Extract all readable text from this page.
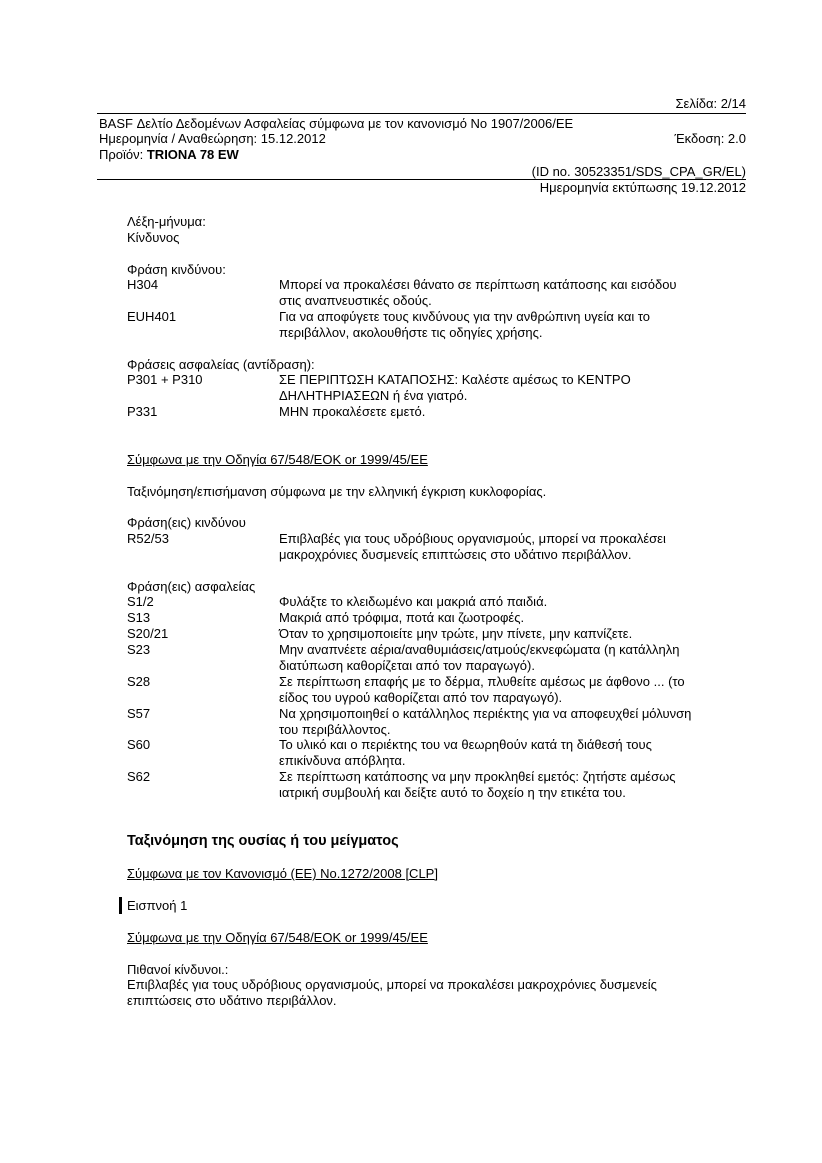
Σελίδα: 2/14
BASF Δελτίο Δεδομένων Ασφαλείας σύμφωνα με τον κανονισμό Νο 1907/2006/ΕΕ
Ημερομηνία / Αναθεώρηση: 15.12.2012	Έκδοση: 2.0
Προϊόν: TRIONA 78 EW
(ID no. 30523351/SDS_CPA_GR/EL)
Ημερομηνία εκτύπωσης 19.12.2012
Λέξη-μήνυμα:
Κίνδυνος
Φράση κινδύνου:
H304	Μπορεί να προκαλέσει θάνατο σε περίπτωση κατάποσης και εισόδου
στις αναπνευστικές οδούς.
EUH401	Για να αποφύγετε τους κινδύνους για την ανθρώπινη υγεία και το
περιβάλλον, ακολουθήστε τις οδηγίες χρήσης.
Φράσεις ασφαλείας (αντίδραση):
P301 + P310	ΣΕ ΠΕΡΙΠΤΩΣΗ ΚΑΤΑΠΟΣΗΣ: Καλέστε αμέσως το ΚΕΝΤΡΟ
ΔΗΛΗΤΗΡΙΑΣΕΩΝ ή ένα γιατρό.
P331	ΜΗΝ προκαλέσετε εμετό.
Σύμφωνα με την Οδηγία 67/548/ΕΟΚ or 1999/45/ΕΕ
Ταξινόμηση/επισήμανση σύμφωνα με την ελληνική έγκριση κυκλοφορίας.
Φράση(εις) κινδύνου
R52/53	Επιβλαβές για τους υδρόβιους οργανισμούς, μπορεί να προκαλέσει
μακροχρόνιες δυσμενείς επιπτώσεις στο υδάτινο περιβάλλον.
Φράση(εις) ασφαλείας
S1/2	Φυλάξτε το κλειδωμένο και μακριά από παιδιά.
S13	Μακριά από τρόφιμα, ποτά και ζωοτροφές.
S20/21	Όταν το χρησιμοποιείτε μην τρώτε, μην πίνετε, μην καπνίζετε.
S23	Μην αναπνέετε αέρια/αναθυμιάσεις/ατμούς/εκνεφώματα (η κατάλληλη
διατύπωση καθορίζεται από τον παραγωγό).
S28	Σε περίπτωση επαφής με το δέρμα, πλυθείτε αμέσως με άφθονο ... (το
είδος του υγρού καθορίζεται από τον παραγωγό).
S57	Να χρησιμοποιηθεί ο κατάλληλος περιέκτης για να αποφευχθεί μόλυνση
του περιβάλλοντος.
S60	Το υλικό και ο περιέκτης του να θεωρηθούν κατά τη διάθεσή τους
επικίνδυνα απόβλητα.
S62	Σε περίπτωση κατάποσης να μην προκληθεί εμετός: ζητήστε αμέσως
ιατρική συμβουλή και δείξτε αυτό το δοχείο η την ετικέτα του.
Ταξινόμηση της ουσίας ή του μείγματος
Σύμφωνα με τον Κανονισμό (ΕΕ) Νο.1272/2008 [CLP]
Εισπνοή 1
Σύμφωνα με την Οδηγία 67/548/ΕΟΚ or 1999/45/ΕΕ
Πιθανοί κίνδυνοι.:
Επιβλαβές για τους υδρόβιους οργανισμούς, μπορεί να προκαλέσει μακροχρόνιες δυσμενείς
επιπτώσεις στο υδάτινο περιβάλλον.
